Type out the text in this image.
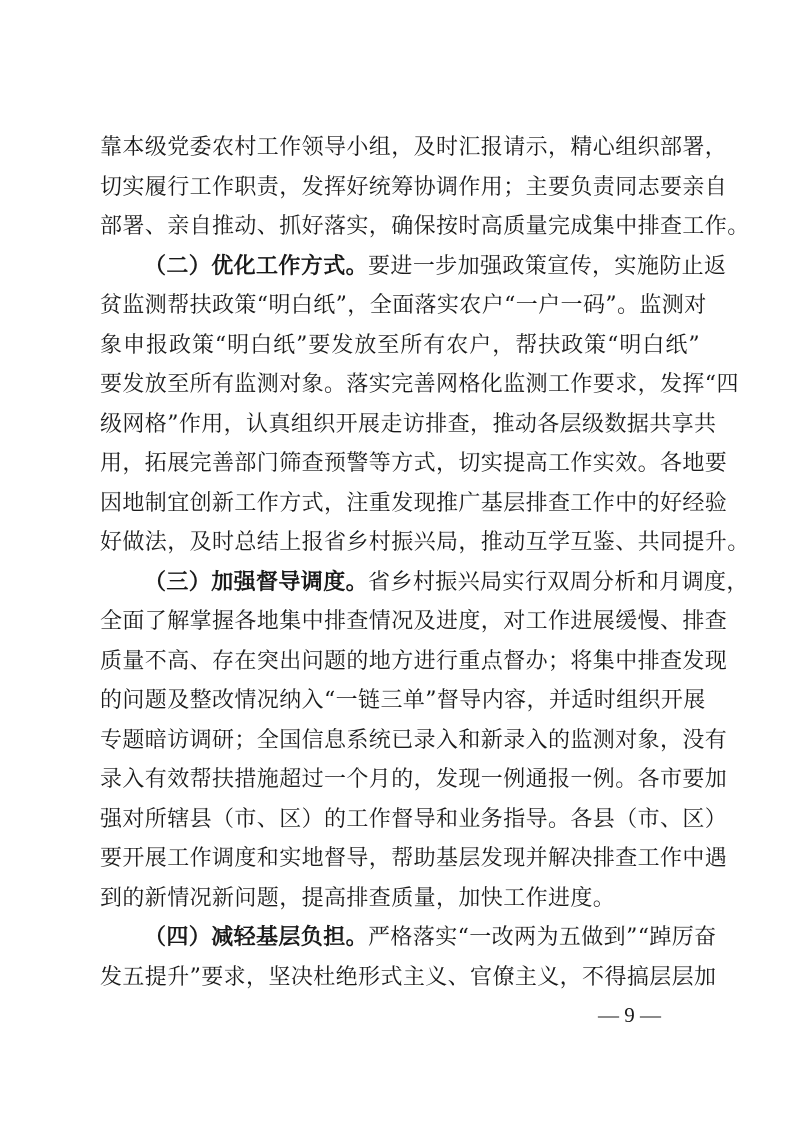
靠本级党委农村工作领导小组，及时汇报请示，精心组织部署，
切实履行工作职责，发挥好统筹协调作用；主要负责同志要亲自
部署、亲自推动、抓好落实，确保按时高质量完成集中排查工作。
（二）优化工作方式。要进一步加强政策宣传，实施防止返
贫监测帮扶政策“明白纸”，全面落实农户“一户一码”。监测对
象申报政策“明白纸”要发放至所有农户，帮扶政策“明白纸”
要发放至所有监测对象。落实完善网格化监测工作要求，发挥“四
级网格”作用，认真组织开展走访排查，推动各层级数据共享共
用，拓展完善部门筛查预警等方式，切实提高工作实效。各地要
因地制宜创新工作方式，注重发现推广基层排查工作中的好经验
好做法，及时总结上报省乡村振兴局，推动互学互鉴、共同提升。
（三）加强督导调度。省乡村振兴局实行双周分析和月调度，
全面了解掌握各地集中排查情况及进度，对工作进展缓慢、排查
质量不高、存在突出问题的地方进行重点督办；将集中排查发现
的问题及整改情况纳入“一链三单”督导内容，并适时组织开展
专题暗访调研；全国信息系统已录入和新录入的监测对象，没有
录入有效帮扶措施超过一个月的，发现一例通报一例。各市要加
强对所辖县（市、区）的工作督导和业务指导。各县（市、区）
要开展工作调度和实地督导，帮助基层发现并解决排查工作中遇
到的新情况新问题，提高排查质量，加快工作进度。
（四）减轻基层负担。严格落实“一改两为五做到”“踔厉奋
发五提升”要求，坚决杜绝形式主义、官僚主义，不得搞层层加
— 9 —
